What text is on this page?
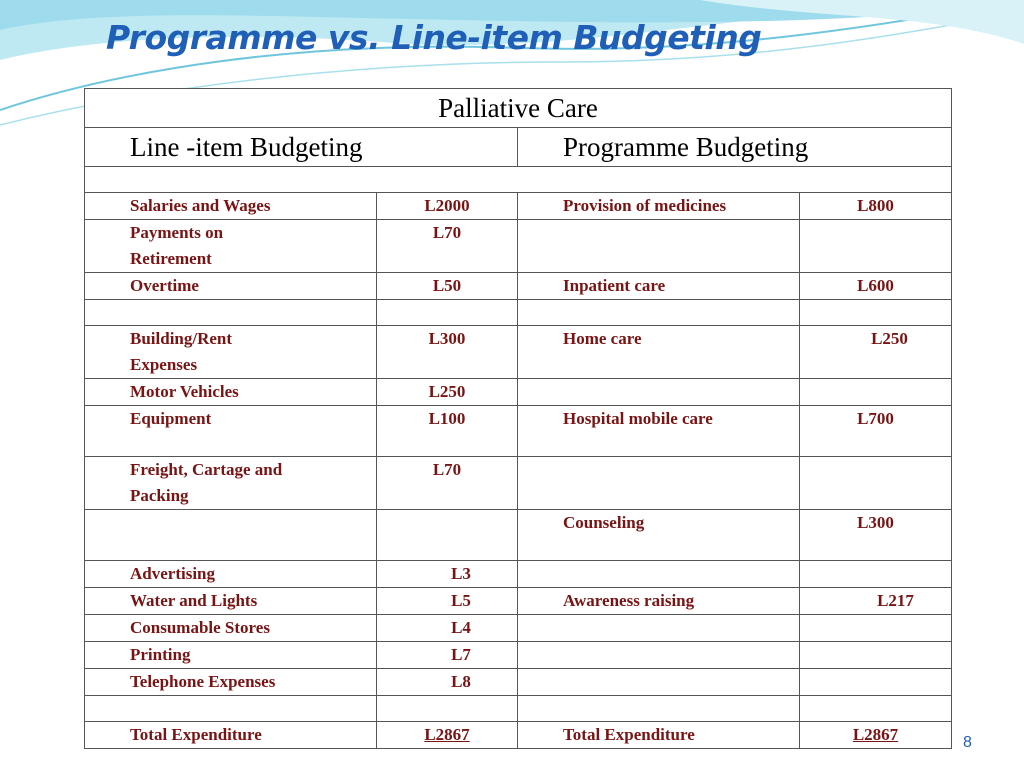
Programme vs. Line-item Budgeting
Palliative Care			
Line -item Budgeting		Programme Budgeting	

Salaries and Wages	L2000	Provision of medicines	L800
Payments on Retirement	L70		
Overtime	L50	Inpatient care	L600

Building/Rent Expenses	L300	Home care	L250
Motor Vehicles	L250		
Equipment	L100	Hospital mobile care	L700
Freight, Cartage and Packing	L70		
		Counseling	L300
Advertising	L3		
Water and Lights	L5	Awareness raising	L217
Consumable Stores	L4		
Printing	L7		
Telephone Expenses	L8		

Total Expenditure	L2867	Total Expenditure	L2867	8
